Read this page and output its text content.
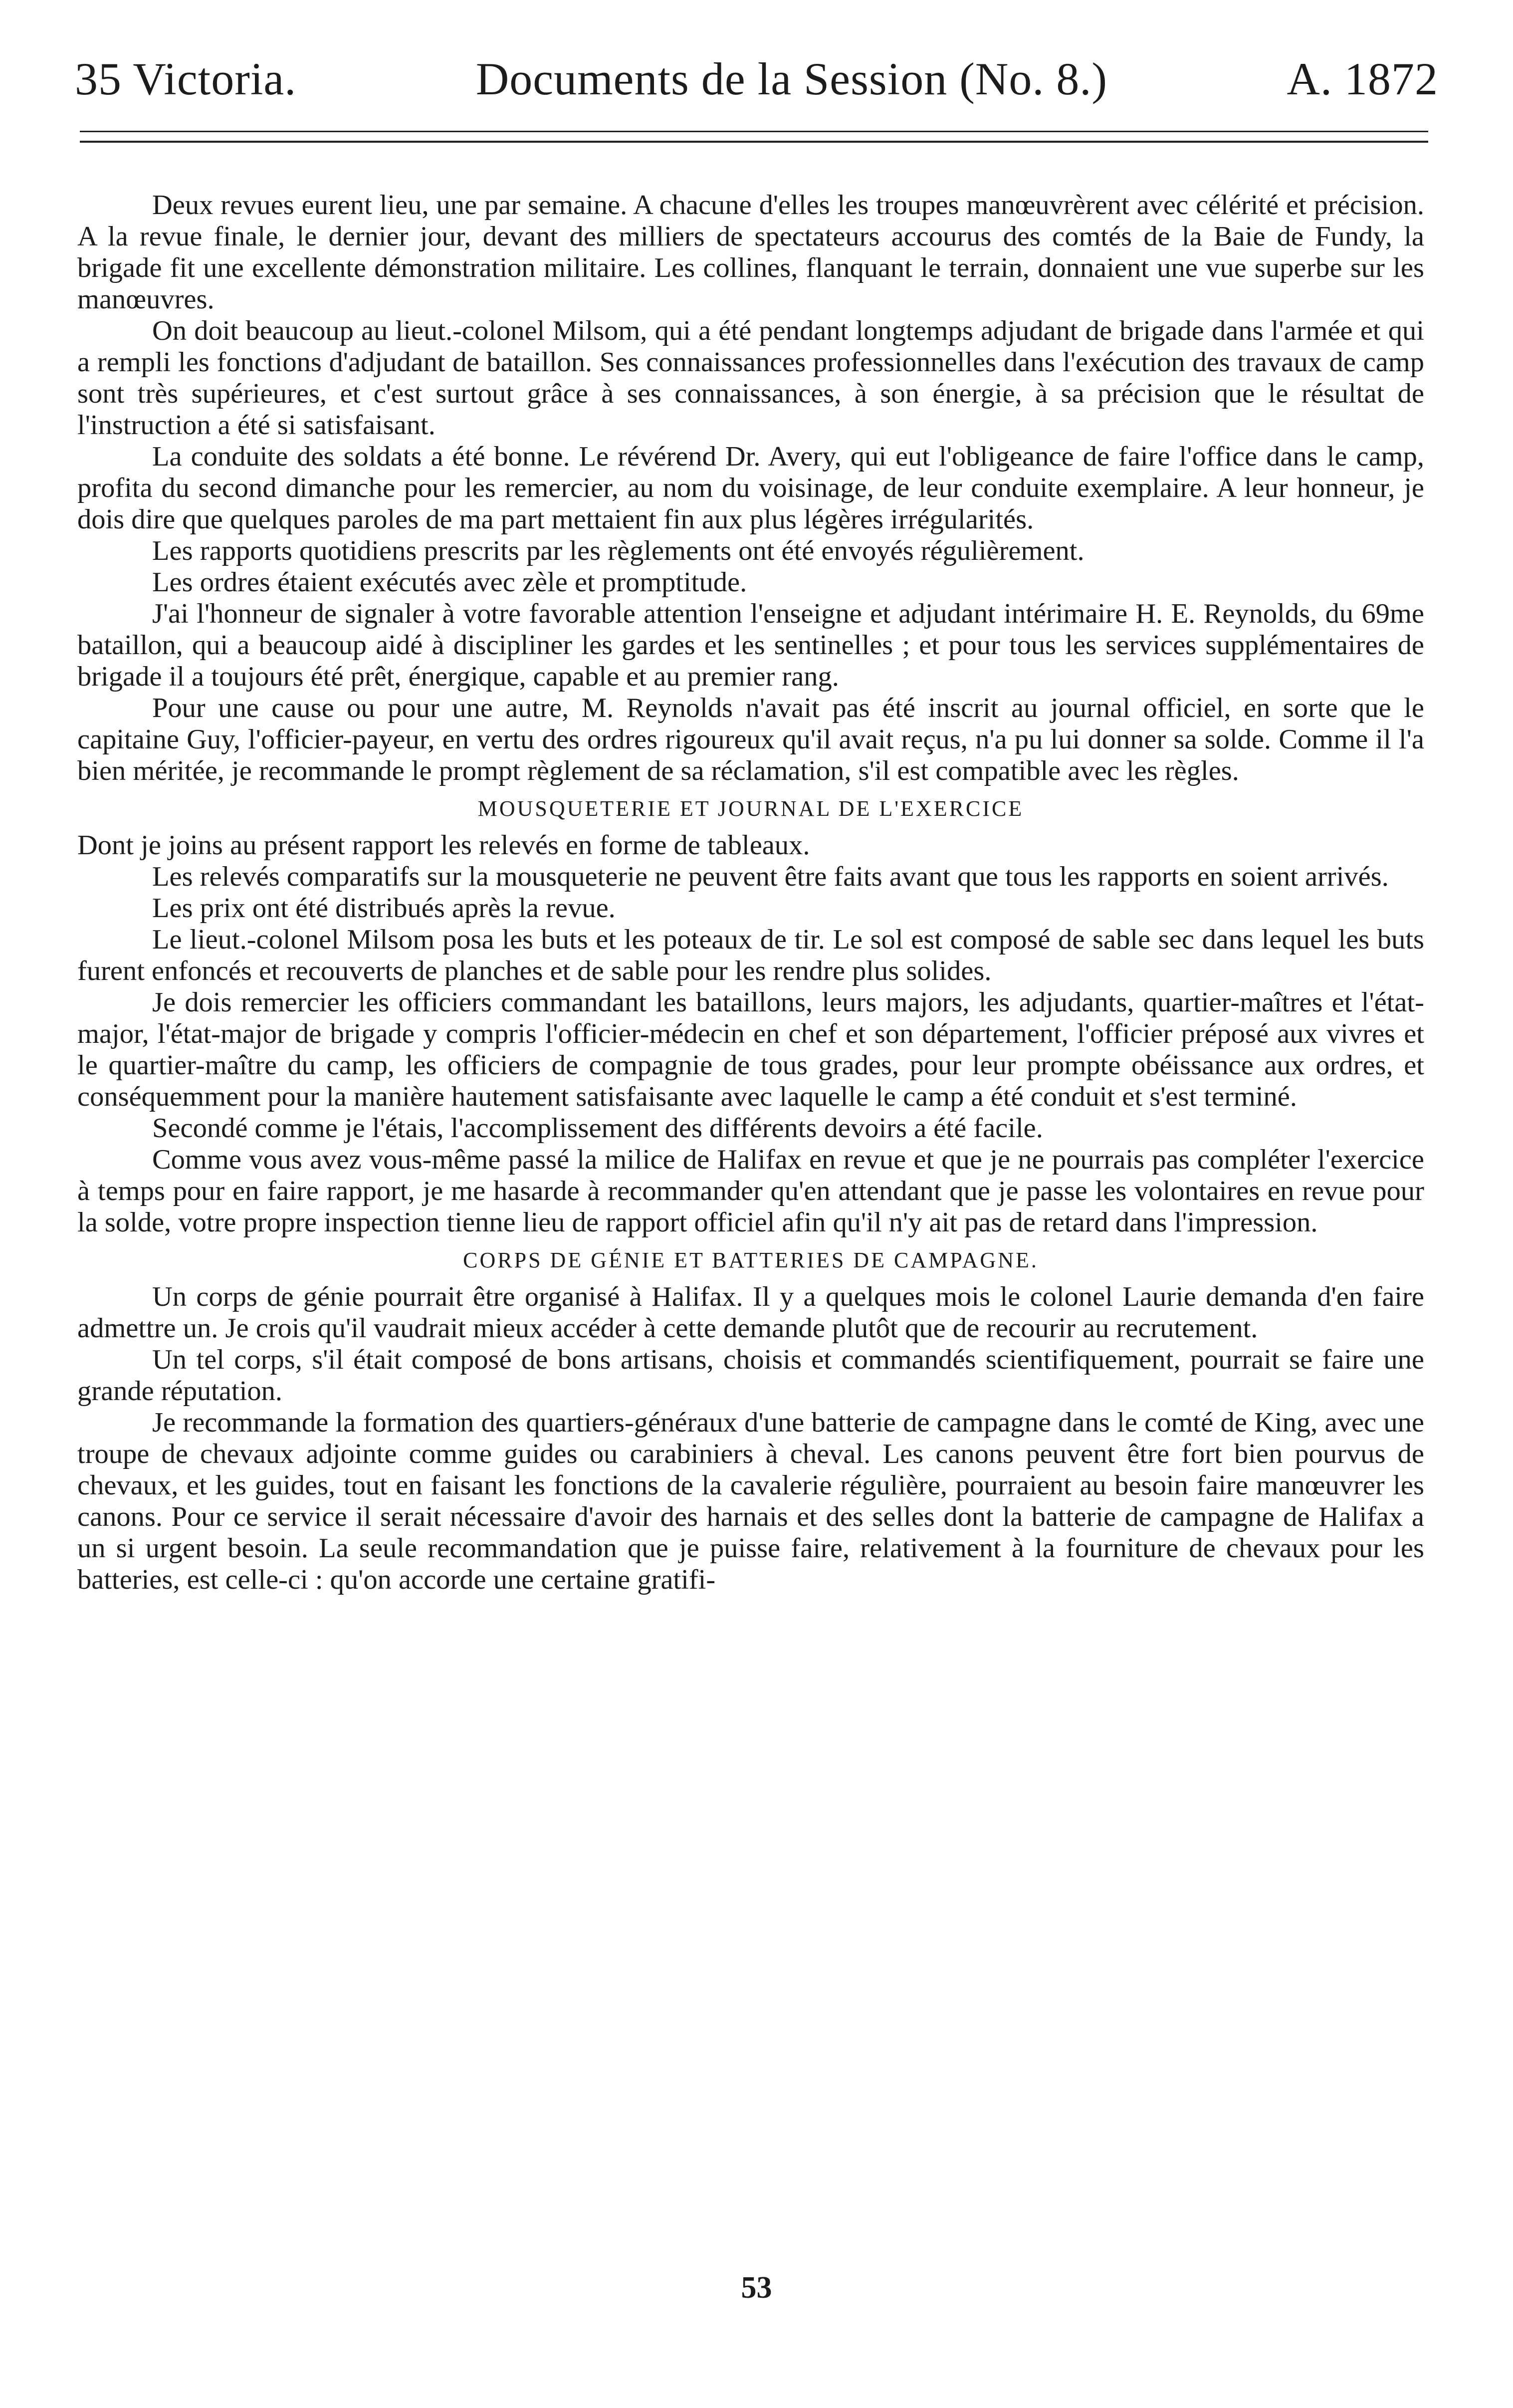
35 Victoria.	Documents de la Session (No. 8.)	A. 1872

Deux revues eurent lieu, une par semaine. A chacune d'elles les troupes manœuvrèrent avec célérité et précision. A la revue finale, le dernier jour, devant des milliers de spectateurs accourus des comtés de la Baie de Fundy, la brigade fit une excellente démonstration militaire. Les collines, flanquant le terrain, donnaient une vue superbe sur les manœuvres.

On doit beaucoup au lieut.-colonel Milsom, qui a été pendant longtemps adjudant de brigade dans l'armée et qui a rempli les fonctions d'adjudant de bataillon. Ses connaissances professionnelles dans l'exécution des travaux de camp sont très supérieures, et c'est surtout grâce à ses connaissances, à son énergie, à sa précision que le résultat de l'instruction a été si satisfaisant.

La conduite des soldats a été bonne. Le révérend Dr. Avery, qui eut l'obligeance de faire l'office dans le camp, profita du second dimanche pour les remercier, au nom du voisinage, de leur conduite exemplaire. A leur honneur, je dois dire que quelques paroles de ma part mettaient fin aux plus légères irrégularités.

Les rapports quotidiens prescrits par les règlements ont été envoyés régulièrement.

Les ordres étaient exécutés avec zèle et promptitude.

J'ai l'honneur de signaler à votre favorable attention l'enseigne et adjudant intérimaire H. E. Reynolds, du 69me bataillon, qui a beaucoup aidé à discipliner les gardes et les sentinelles ; et pour tous les services supplémentaires de brigade il a toujours été prêt, énergique, capable et au premier rang.

Pour une cause ou pour une autre, M. Reynolds n'avait pas été inscrit au journal officiel, en sorte que le capitaine Guy, l'officier-payeur, en vertu des ordres rigoureux qu'il avait reçus, n'a pu lui donner sa solde. Comme il l'a bien méritée, je recommande le prompt règlement de sa réclamation, s'il est compatible avec les règles.

MOUSQUETERIE ET JOURNAL DE L'EXERCICE

Dont je joins au présent rapport les relevés en forme de tableaux.

Les relevés comparatifs sur la mousqueterie ne peuvent être faits avant que tous les rapports en soient arrivés.

Les prix ont été distribués après la revue.

Le lieut.-colonel Milsom posa les buts et les poteaux de tir. Le sol est composé de sable sec dans lequel les buts furent enfoncés et recouverts de planches et de sable pour les rendre plus solides.

Je dois remercier les officiers commandant les bataillons, leurs majors, les adjudants, quartier-maîtres et l'état-major, l'état-major de brigade y compris l'officier-médecin en chef et son département, l'officier préposé aux vivres et le quartier-maître du camp, les officiers de compagnie de tous grades, pour leur prompte obéissance aux ordres, et conséquemment pour la manière hautement satisfaisante avec laquelle le camp a été conduit et s'est terminé.

Secondé comme je l'étais, l'accomplissement des différents devoirs a été facile.

Comme vous avez vous-même passé la milice de Halifax en revue et que je ne pourrais pas compléter l'exercice à temps pour en faire rapport, je me hasarde à recommander qu'en attendant que je passe les volontaires en revue pour la solde, votre propre inspection tienne lieu de rapport officiel afin qu'il n'y ait pas de retard dans l'impression.

CORPS DE GÉNIE ET BATTERIES DE CAMPAGNE.

Un corps de génie pourrait être organisé à Halifax. Il y a quelques mois le colonel Laurie demanda d'en faire admettre un. Je crois qu'il vaudrait mieux accéder à cette demande plutôt que de recourir au recrutement.

Un tel corps, s'il était composé de bons artisans, choisis et commandés scientifiquement, pourrait se faire une grande réputation.

Je recommande la formation des quartiers-généraux d'une batterie de campagne dans le comté de King, avec une troupe de chevaux adjointe comme guides ou carabiniers à cheval. Les canons peuvent être fort bien pourvus de chevaux, et les guides, tout en faisant les fonctions de la cavalerie régulière, pourraient au besoin faire manœuvrer les canons. Pour ce service il serait nécessaire d'avoir des harnais et des selles dont la batterie de campagne de Halifax a un si urgent besoin. La seule recommandation que je puisse faire, relativement à la fourniture de chevaux pour les batteries, est celle-ci : qu'on accorde une certaine gratifi-

53
